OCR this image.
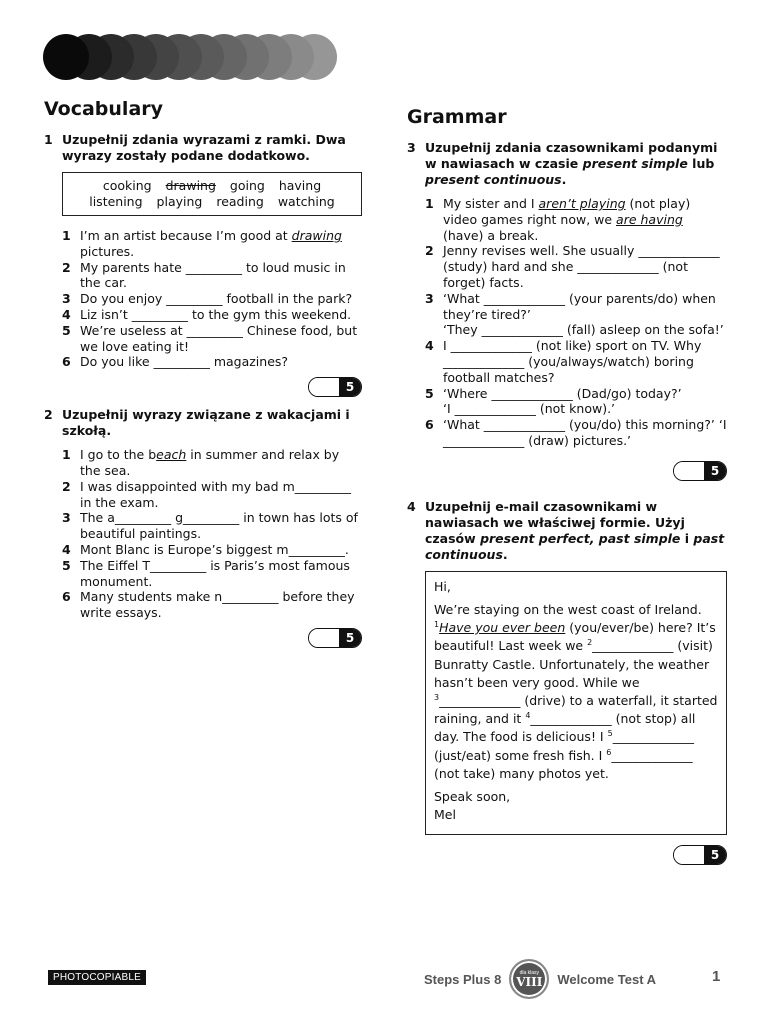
Vocabulary
1 Uzupełnij zdania wyrazami z ramki. Dwa wyrazy zostały podane dodatkowo.
cooking drawing going having
listening playing reading watching
1 I’m an artist because I’m good at drawing pictures.
2 My parents hate _________ to loud music in the car.
3 Do you enjoy _________ football in the park?
4 Liz isn’t _________ to the gym this weekend.
5 We’re useless at _________ Chinese food, but we love eating it!
6 Do you like _________ magazines?
5
2 Uzupełnij wyrazy związane z wakacjami i szkołą.
1 I go to the beach in summer and relax by the sea.
2 I was disappointed with my bad m_________ in the exam.
3 The a_________ g_________ in town has lots of beautiful paintings.
4 Mont Blanc is Europe’s biggest m_________.
5 The Eiffel T_________ is Paris’s most famous monument.
6 Many students make n_________ before they write essays.
5
Grammar
3 Uzupełnij zdania czasownikami podanymi
w nawiasach w czasie present simple lub
present continuous.
1 My sister and I aren’t playing (not play) video games right now, we are having (have) a break.
2 Jenny revises well. She usually _____________ (study) hard and she _____________ (not forget) facts.
3 ‘What _____________ (your parents/do) when they’re tired?’
‘They _____________ (fall) asleep on the sofa!’
4 I _____________ (not like) sport on TV. Why _____________ (you/always/watch) boring football matches?
5 ‘Where _____________ (Dad/go) today?’
‘I _____________ (not know).’
6 ‘What _____________ (you/do) this morning?’ ‘I _____________ (draw) pictures.’
5
4 Uzupełnij e-mail czasownikami w nawiasach we właściwej formie. Użyj czasów present perfect, past simple i past continuous.

Hi,

We’re staying on the west coast of Ireland. $^1$Have you ever been (you/ever/be) here? It’s beautiful! Last week we $^2$_____________ (visit) Bunratty Castle. Unfortunately, the weather hasn’t been very good. While we $^3$_____________ (drive) to a waterfall, it started raining, and it $^4$_____________ (not stop) all day. The food is delicious! I $^5$_____________ (just/eat) some fresh fish. I $^6$_____________ (not take) many photos yet.

Speak soon,

Mel

5
PHOTOCOPIABLE	Steps Plus 8	dla klasy
VIII Welcome Test A	1
